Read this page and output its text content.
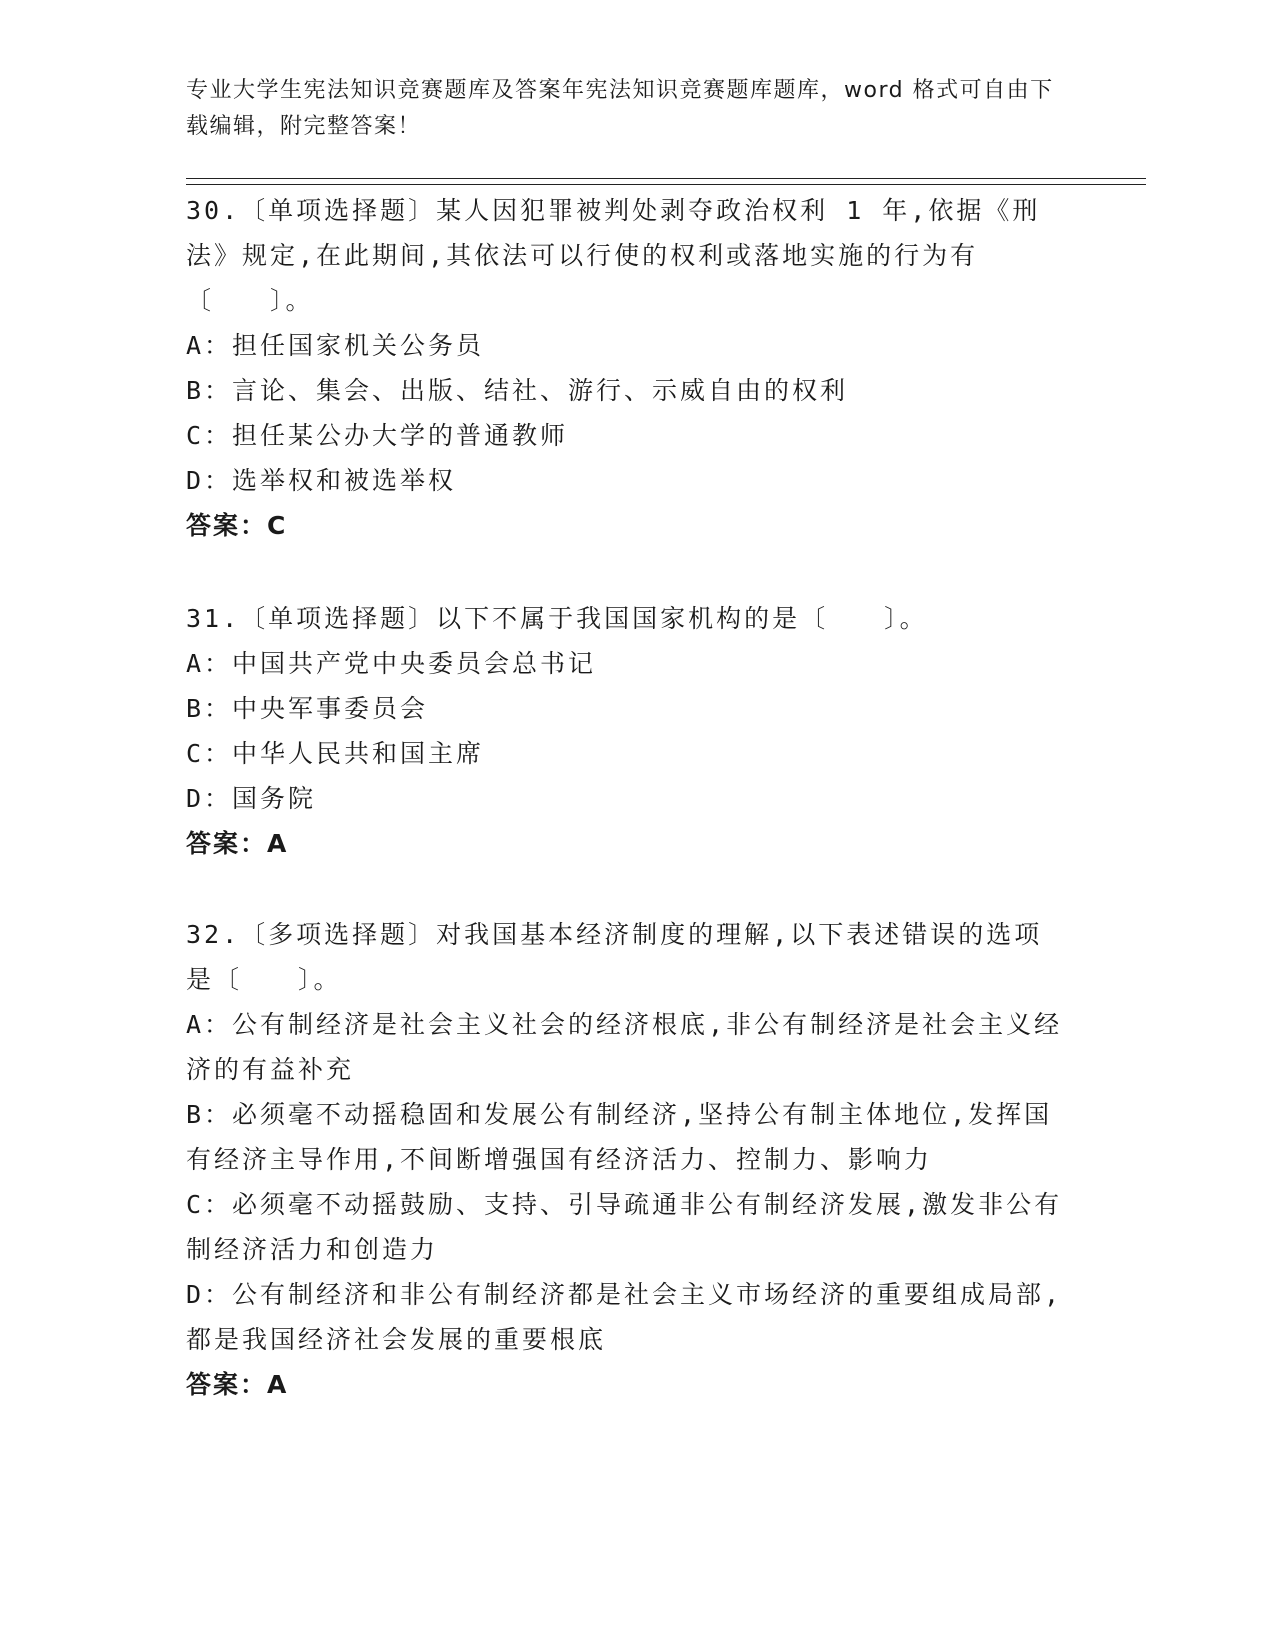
专业大学生宪法知识竞赛题库及答案年宪法知识竞赛题库题库，word 格式可自由下载编辑，附完整答案！

30.〔单项选择题〕某人因犯罪被判处剥夺政治权利 1 年,依据《刑法》规定,在此期间,其依法可以行使的权利或落地实施的行为有〔　　〕。

A：担任国家机关公务员

B：言论、集会、出版、结社、游行、示威自由的权利

C：担任某公办大学的普通教师

D：选举权和被选举权

答案：C

31.〔单项选择题〕以下不属于我国国家机构的是〔　　〕。

A：中国共产党中央委员会总书记

B：中央军事委员会

C：中华人民共和国主席

D：国务院

答案：A

32.〔多项选择题〕对我国基本经济制度的理解,以下表述错误的选项是〔　　〕。

A：公有制经济是社会主义社会的经济根底,非公有制经济是社会主义经济的有益补充

B：必须毫不动摇稳固和发展公有制经济,坚持公有制主体地位,发挥国有经济主导作用,不间断增强国有经济活力、控制力、影响力

C：必须毫不动摇鼓励、支持、引导疏通非公有制经济发展,激发非公有制经济活力和创造力

D：公有制经济和非公有制经济都是社会主义市场经济的重要组成局部,都是我国经济社会发展的重要根底

答案：A
